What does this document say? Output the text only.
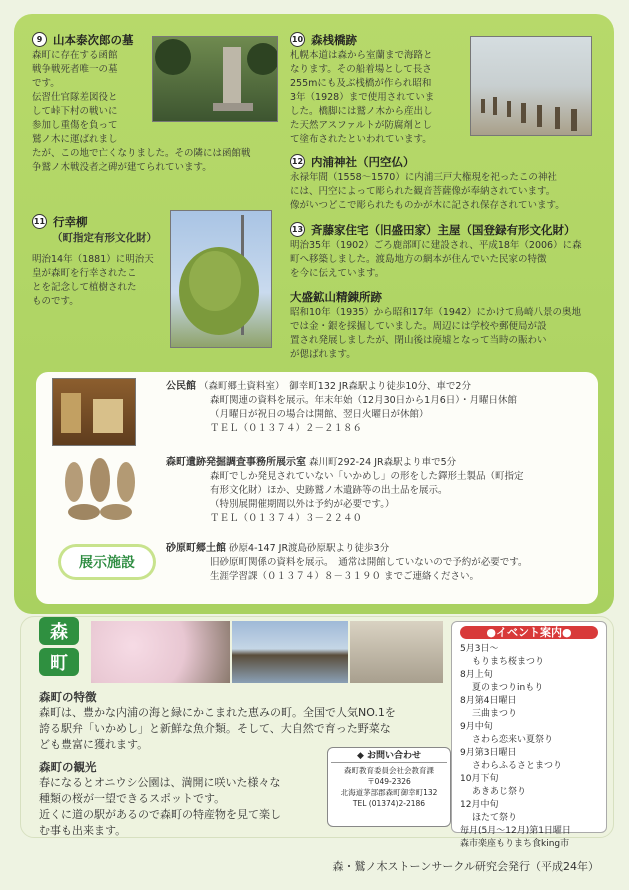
9 山本泰次郎の墓
森町に存在する函館
戦争戦死者唯一の墓
です。
伝習仕官隊差図役と
して峠下村の戦いに
参加し重傷を負って
鷲ノ木に運ばれまし
たが、この地で亡くなりました。その隣には函館戦
争鷲ノ木戦没者之碑が建てられています。
10 森桟橋跡
札幌本道は森から室蘭まで海路と
なります。その船着場として長さ
255mにも及ぶ桟橋が作られ昭和
3年（1928）まで使用されていま
した。橋脚には鷲ノ木から産出し
た天然アスファルトが防腐剤とし
て塗布されたといわれています。
12 内浦神社（円空仏）
永禄年間（1558～1570）に内浦三戸大権現を祀ったこの神社
には、円空によって彫られた観音菩薩像が奉納されています。
像がいつどこで彫られたものかが木に記され保存されています。
11 行幸柳
（町指定有形文化財）
明治14年（1881）に明治天
皇が森町を行幸されたこ
とを記念して植樹された
ものです。
13 斉藤家住宅（旧盛田家）主屋（国登録有形文化財）
明治35年（1902）ごろ鹿部町に建設され、平成18年（2006）に森
町へ移築しました。渡島地方の網本が住んでいた民家の特徴
を今に伝えています。
大盛鉱山精錬所跡
昭和10年（1935）から昭和17年（1942）にかけて鳥崎八景の奥地
では金・銀を採掘していました。周辺には学校や郵便局が設
置され発展しましたが、閉山後は廃墟となって当時の賑わい
が偲ばれます。
展示施設
公民館 （森町郷土資料室）　御幸町132 JR森駅より徒歩10分、車で2分
森町関連の資料を展示。年末年始（12月30日から1月6日）・月曜日休館
（月曜日が祝日の場合は開館、翌日火曜日が休館）
ＴＥＬ（０１３７４）２－２１８６
森町遺跡発掘調査事務所展示室 森川町292-24 JR森駅より車で5分
森町でしか発見されていない「いかめし」の形をした鐸形土製品（町指定
有形文化財）ほか、史跡鷲ノ木遺跡等の出土品を展示。
（特別展開催期間以外は予約が必要です。）
ＴＥＬ（０１３７４）３－２２４０
砂原町郷土館 砂原4-147 JR渡島砂原駅より徒歩3分
旧砂原町関係の資料を展示。　通常は開館していないので予約が必要です。
生涯学習課（０１３７４）８－３１９０ までご連絡ください。
森
町
森町の特徴
森町は、豊かな内浦の海と緑にかこまれた恵みの町。全国で人気NO.1を
誇る駅弁「いかめし」と新鮮な魚介類。そして、大自然で育った野菜な
ども豊富に獲れます。
森町の観光
春になるとオニウシ公園は、満開に咲いた様々な
種類の桜が一望できるスポットです。
近くに道の駅があるので森町の特産物を見て楽し
む事も出来ます。
◆ お問い合わせ
森町教育委員会社会教育課
〒049-2326
北海道茅部郡森町御幸町132
TEL (01374)2-2186
●イベント案内●
5月3日～
もりまち桜まつり
8月上旬
夏のまつりinもり
8月第4日曜日
三曲まつり
9月中旬
さわら恋来い夏祭り
9月第3日曜日
さわらふるさとまつり
10月下旬
あきあじ祭り
12月中旬
ほたて祭り
毎月(5月～12月)第1日曜日
森市楽座もりまち食king市
森・鷲ノ木ストーンサークル研究会発行（平成24年）
